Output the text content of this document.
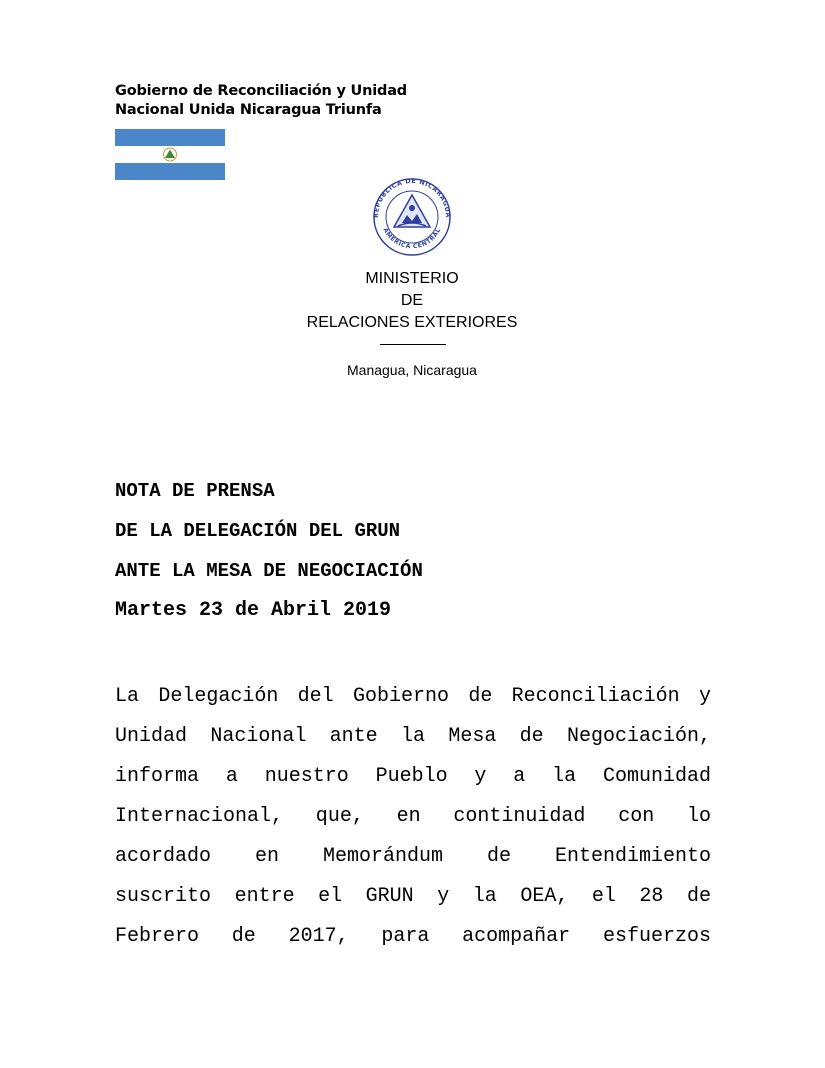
Gobierno de Reconciliación y Unidad
Nacional Unida Nicaragua Triunfa
REPUBLICA DE NICARAGUA
AMERICA CENTRAL
MINISTERIO
DE
RELACIONES EXTERIORES
Managua, Nicaragua
NOTA DE PRENSA
DE LA DELEGACIÓN DEL GRUN
ANTE LA MESA DE NEGOCIACIÓN
Martes 23 de Abril 2019
La Delegación del Gobierno de Reconciliación y
Unidad Nacional ante la Mesa de Negociación,
informa a nuestro Pueblo y a la Comunidad
Internacional, que, en continuidad con lo
acordado en Memorándum de Entendimiento
suscrito entre el GRUN y la OEA, el 28 de
Febrero de 2017, para acompañar esfuerzos
